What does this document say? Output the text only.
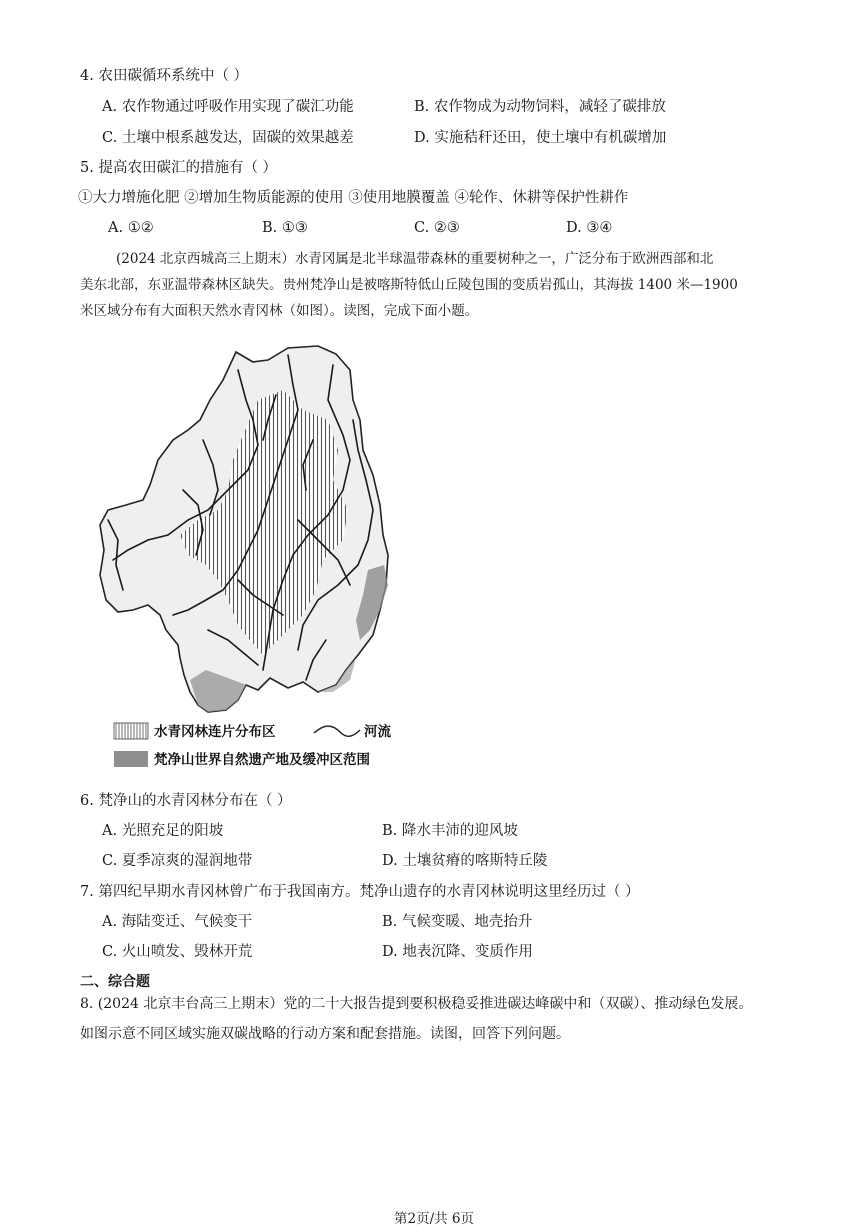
4. 农田碳循环系统中（ ）
A. 农作物通过呼吸作用实现了碳汇功能	B. 农作物成为动物饲料，减轻了碳排放
C. 土壤中根系越发达，固碳的效果越差	D. 实施秸秆还田，使土壤中有机碳增加
5. 提高农田碳汇的措施有（ ）
①大力增施化肥 ②增加生物质能源的使用 ③使用地膜覆盖 ④轮作、休耕等保护性耕作
A. ①②	B. ①③	C. ②③	D. ③④
(2024 北京西城高三上期末）水青冈属是北半球温带森林的重要树种之一，广泛分布于欧洲西部和北
美东北部，东亚温带森林区缺失。贵州梵净山是被喀斯特低山丘陵包围的变质岩孤山，其海拔 1400 米—1900
米区域分布有大面积天然水青冈林（如图）。读图，完成下面小题。
水青冈林连片分布区	河流
梵净山世界自然遗产地及缓冲区范围
6. 梵净山的水青冈林分布在（ ）
A. 光照充足的阳坡	B. 降水丰沛的迎风坡
C. 夏季凉爽的湿润地带	D. 土壤贫瘠的喀斯特丘陵
7. 第四纪早期水青冈林曾广布于我国南方。梵净山遗存的水青冈林说明这里经历过（ ）
A. 海陆变迁、气候变干	B. 气候变暖、地壳抬升
C. 火山喷发、毁林开荒	D. 地表沉降、变质作用
二、综合题
8. (2024 北京丰台高三上期末）党的二十大报告提到要积极稳妥推进碳达峰碳中和（双碳）、推动绿色发展。
如图示意不同区域实施双碳战略的行动方案和配套措施。读图，回答下列问题。
第2页/共 6页
